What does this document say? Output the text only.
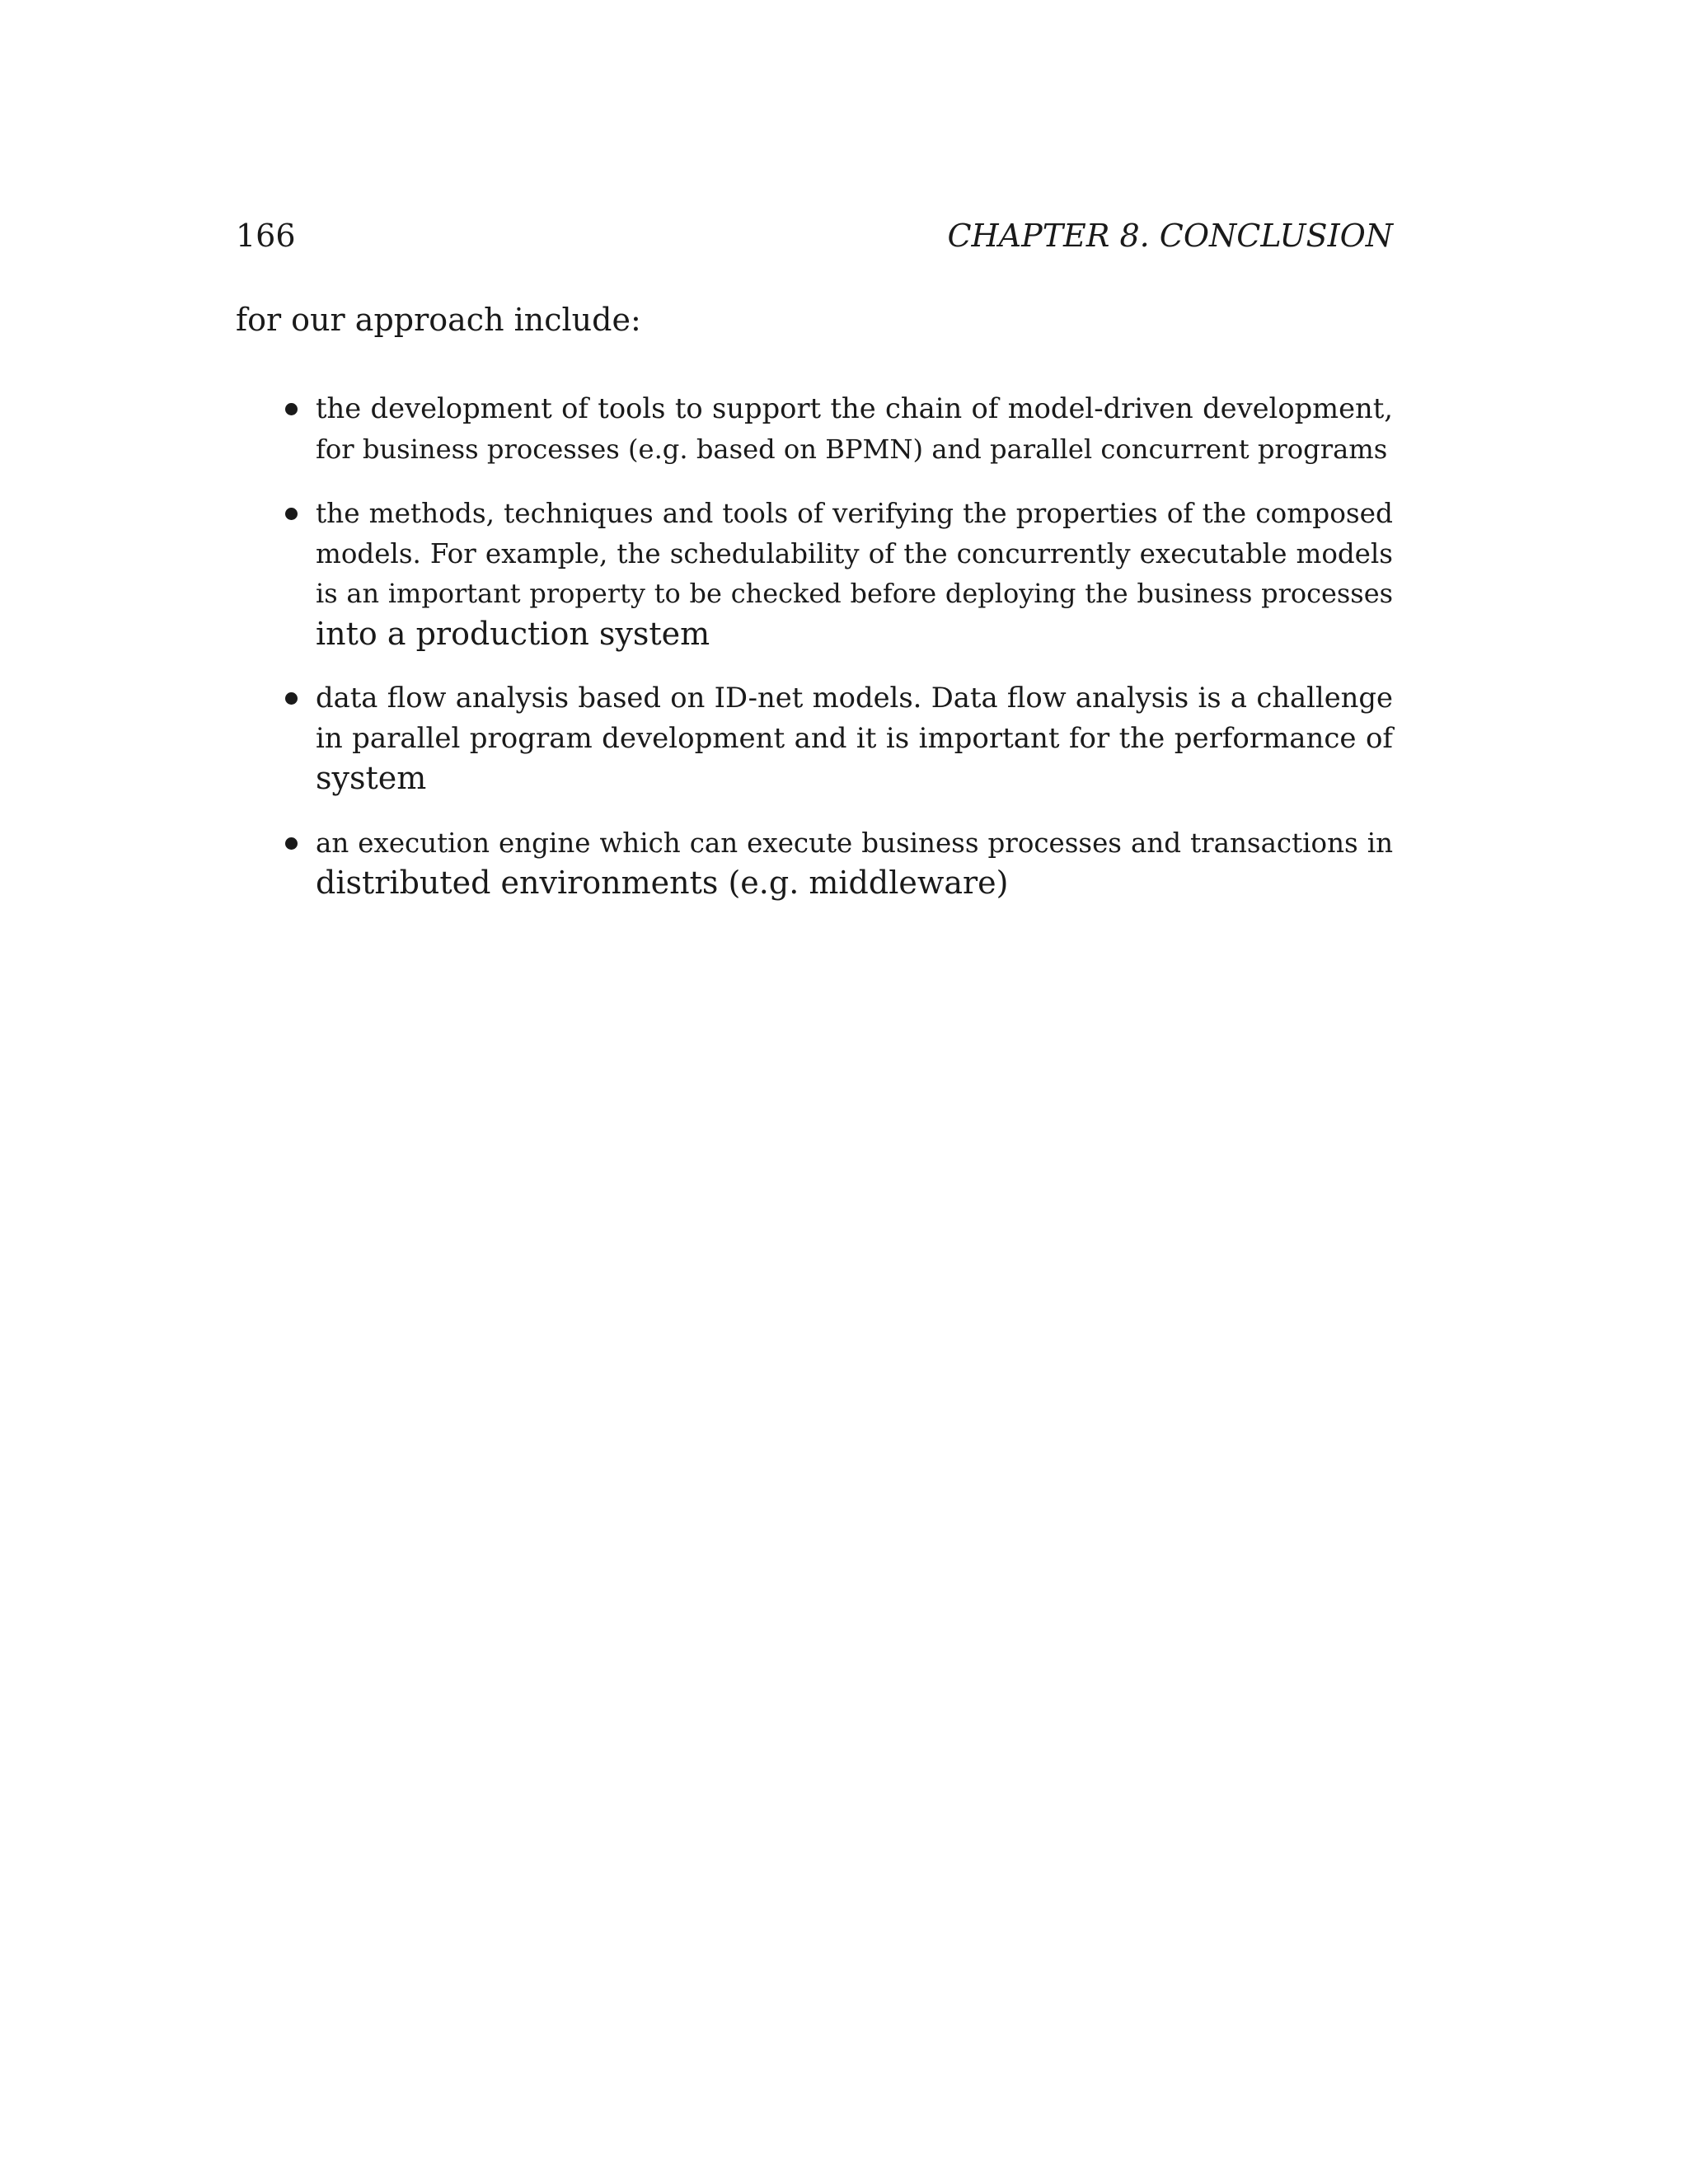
166	CHAPTER 8. CONCLUSION

for our approach include:

the development of tools to support the chain of model-driven development,
for business processes (e.g. based on BPMN) and parallel concurrent programs
the methods, techniques and tools of verifying the properties of the composed
models. For example, the schedulability of the concurrently executable models
is an important property to be checked before deploying the business processes
into a production system
data flow analysis based on ID-net models. Data flow analysis is a challenge
in parallel program development and it is important for the performance of
system
an execution engine which can execute business processes and transactions in
distributed environments (e.g. middleware)
